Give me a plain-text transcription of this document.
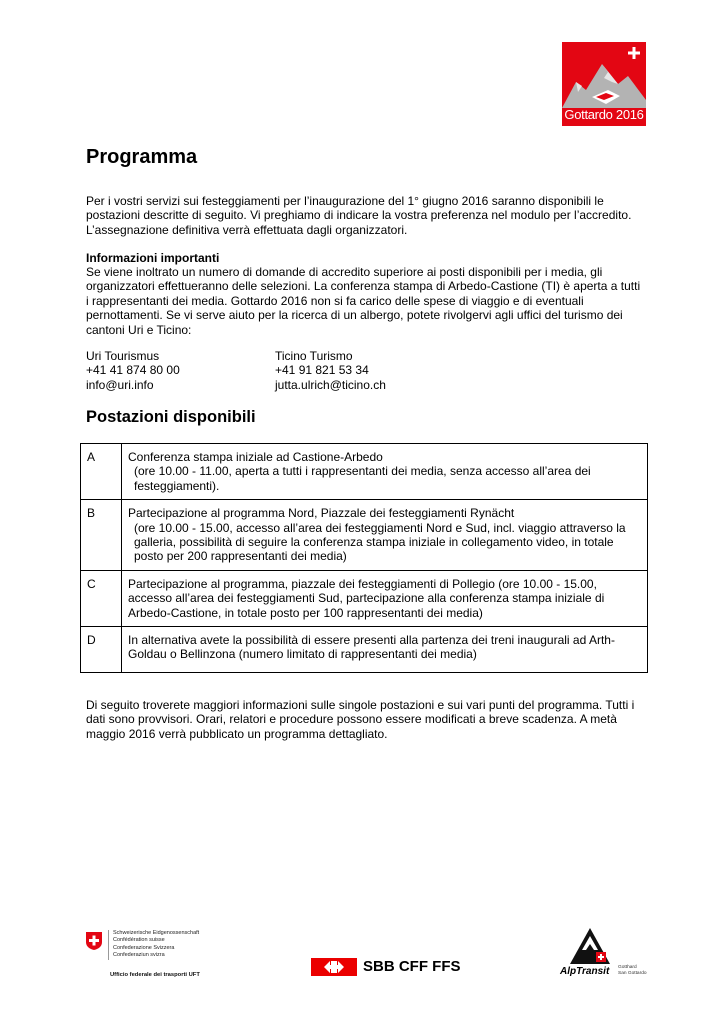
Gottardo 2016
Programma
Per i vostri servizi sui festeggiamenti per l’inaugurazione del 1° giugno 2016 saranno disponibili le postazioni descritte di seguito. Vi preghiamo di indicare la vostra preferenza nel modulo per l’accredito. L’assegnazione definitiva verrà effettuata dagli organizzatori.
Informazioni importanti
Se viene inoltrato un numero di domande di accredito superiore ai posti disponibili per i media, gli organizzatori effettueranno delle selezioni. La conferenza stampa di Arbedo-Castione (TI) è aperta a tutti i rappresentanti dei media. Gottardo 2016 non si fa carico delle spese di viaggio e di eventuali pernottamenti. Se vi serve aiuto per la ricerca di un albergo, potete rivolgervi agli uffici del turismo dei cantoni Uri e Ticino:
Uri Tourismus
+41 41 874 80 00
info@uri.info
Ticino Turismo
+41 91 821 53 34
jutta.ulrich@ticino.ch
Postazioni disponibili
A	Conferenza stampa iniziale ad Castione-Arbedo
(ore 10.00 - 11.00, aperta a tutti i rappresentanti dei media, senza accesso all’area dei festeggiamenti).

B	Partecipazione al programma Nord, Piazzale dei festeggiamenti Rynächt
(ore 10.00 - 15.00, accesso all’area dei festeggiamenti Nord e Sud, incl. viaggio attraverso la galleria, possibilità di seguire la conferenza stampa iniziale in collegamento video, in totale posto per 200 rappresentanti dei media)

C	Partecipazione al programma, piazzale dei festeggiamenti di Pollegio (ore 10.00 - 15.00, accesso all’area dei festeggiamenti Sud, partecipazione alla conferenza stampa iniziale di Arbedo-Castione, in totale posto per 100 rappresentanti dei media)

D	In alternativa avete la possibilità di essere presenti alla partenza dei treni inaugurali ad Arth-Goldau o Bellinzona (numero limitato di rappresentanti dei media)
Di seguito troverete maggiori informazioni sulle singole postazioni e sui vari punti del programma. Tutti i dati sono provvisori. Orari, relatori e procedure possono essere modificati a breve scadenza. A metà maggio 2016 verrà pubblicato un programma dettagliato.
Schweizerische Eidgenossenschaft
Confédération suisse
Confederazione Svizzera
Confederaziun svizra
Ufficio federale dei trasporti UFT	SBB CFF FFS	AlpTransit Gotthard
San Gottardo
